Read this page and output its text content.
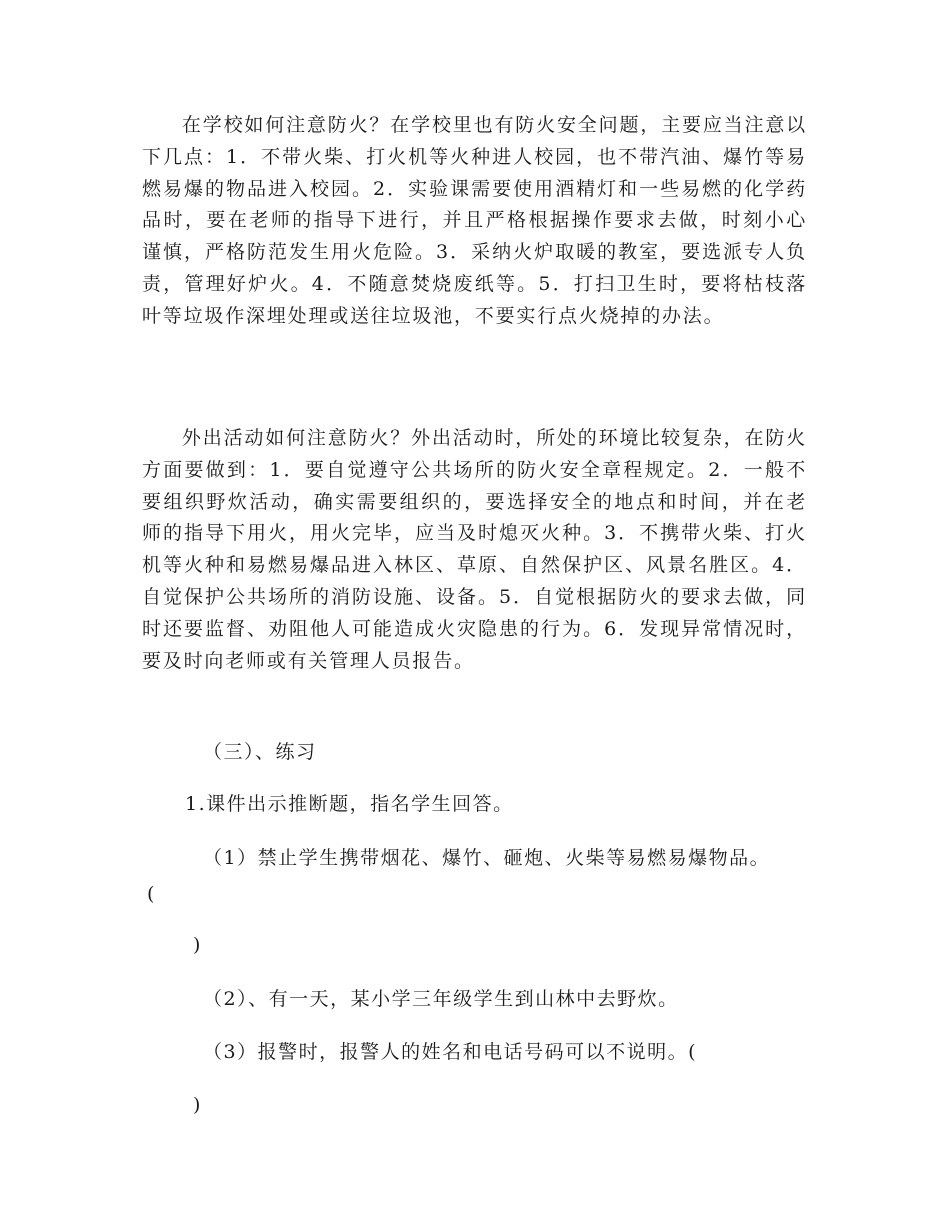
在学校如何注意防火？在学校里也有防火安全问题，主要应当注意以下几点：1．不带火柴、打火机等火种进人校园，也不带汽油、爆竹等易燃易爆的物品进入校园。2．实验课需要使用酒精灯和一些易燃的化学药品时，要在老师的指导下进行，并且严格根据操作要求去做，时刻小心谨慎，严格防范发生用火危险。3．采纳火炉取暖的教室，要选派专人负责，管理好炉火。4．不随意焚烧废纸等。5．打扫卫生时，要将枯枝落叶等垃圾作深埋处理或送往垃圾池，不要实行点火烧掉的办法。

外出活动如何注意防火？外出活动时，所处的环境比较复杂，在防火方面要做到：1．要自觉遵守公共场所的防火安全章程规定。2．一般不要组织野炊活动，确实需要组织的，要选择安全的地点和时间，并在老师的指导下用火，用火完毕，应当及时熄灭火种。3．不携带火柴、打火机等火种和易燃易爆品进入林区、草原、自然保护区、风景名胜区。4．自觉保护公共场所的消防设施、设备。5．自觉根据防火的要求去做，同时还要监督、劝阻他人可能造成火灾隐患的行为。6．发现异常情况时，要及时向老师或有关管理人员报告。

（三）、练习

1.课件出示推断题，指名学生回答。

（1）禁止学生携带烟花、爆竹、砸炮、火柴等易燃易爆物品。

(

)

（2）、有一天，某小学三年级学生到山林中去野炊。

（3）报警时，报警人的姓名和电话号码可以不说明。(

)
